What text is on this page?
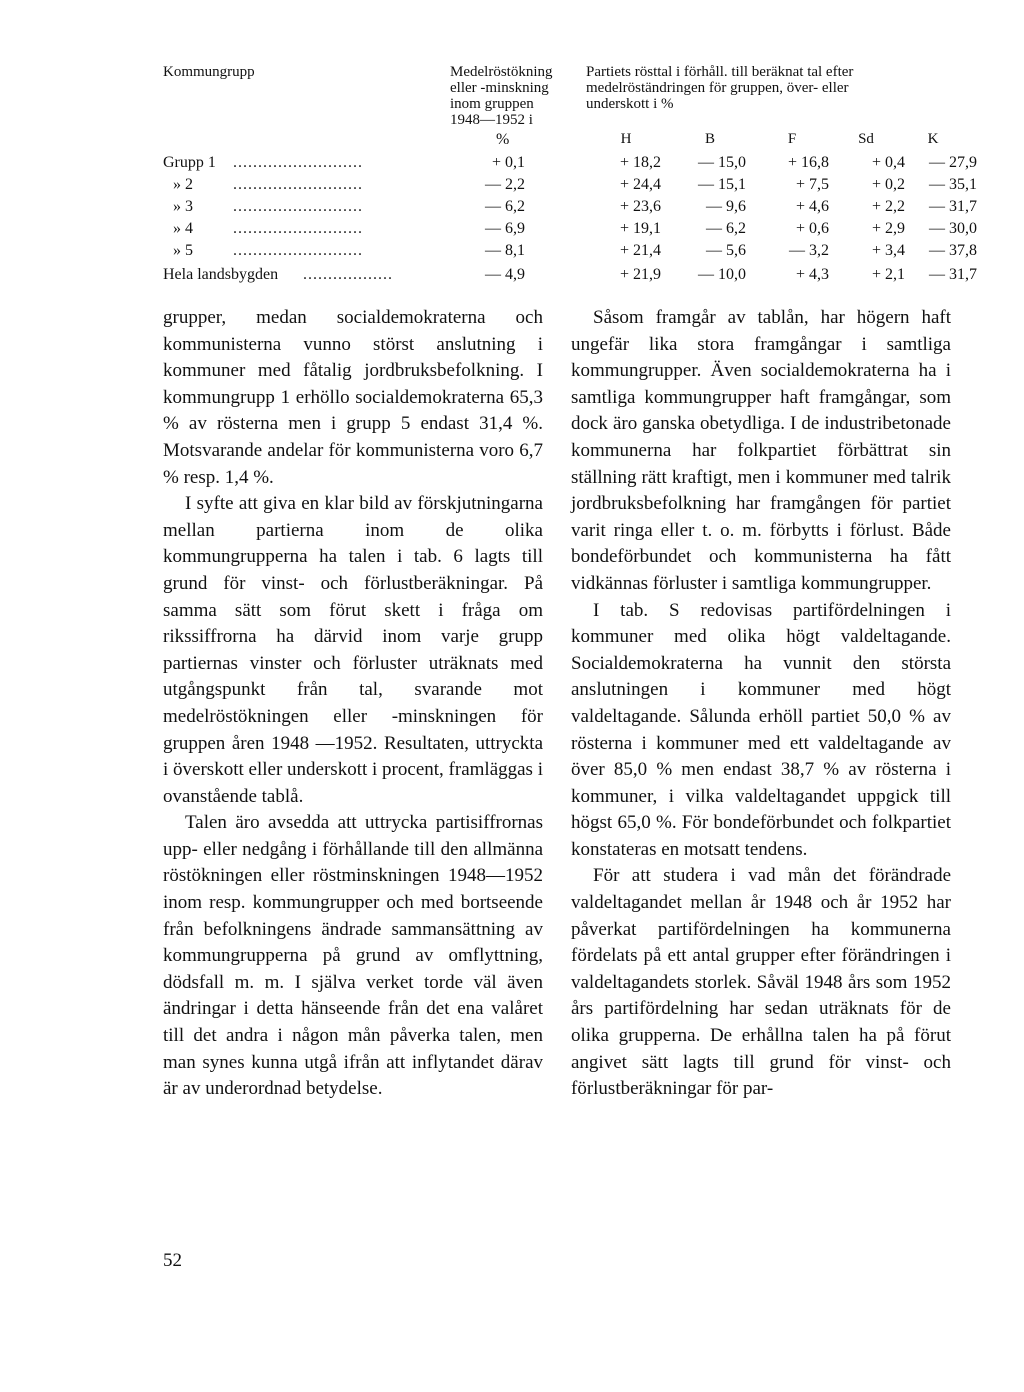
Kommungrupp	Medelröstökning
eller -minskning
inom gruppen
1948—1952 i
Partiets rösttal i förhåll. till beräknat tal efter
medelröständringen för gruppen, över- eller
underskott i %
%	H	B	F	Sd	K
Grupp 1 ..........................	+ 0,1	+ 18,2	— 15,0	+ 16,8	+ 0,4	— 27,9
» 2	..........................	— 2,2	+ 24,4	— 15,1	+ 7,5	+ 0,2	— 35,1
» 3	..........................	— 6,2	+ 23,6	— 9,6	+ 4,6	+ 2,2	— 31,7
» 4	..........................	— 6,9	+ 19,1	— 6,2	+ 0,6	+ 2,9	— 30,0
» 5	..........................	— 8,1	+ 21,4	— 5,6	— 3,2	+ 3,4	— 37,8
Hela landsbygden ..................	— 4,9	+ 21,9	— 10,0	+ 4,3	+ 2,1	— 31,7

grupper, medan socialdemokraterna och kommunisterna vunno störst anslutning i kommuner med fåtalig jordbruksbefolkning. I kommungrupp 1 erhöllo socialdemokraterna 65,3 % av rösterna men i grupp 5 endast 31,4 %. Motsvarande andelar för kommunisterna voro 6,7 % resp. 1,4 %.

I syfte att giva en klar bild av förskjutningarna mellan partierna inom de olika kommungrupperna ha talen i tab. 6 lagts till grund för vinst- och förlustberäkningar. På samma sätt som förut skett i fråga om rikssiffrorna ha därvid inom varje grupp partiernas vinster och förluster uträknats med utgångspunkt från tal, svarande mot medelröstökningen eller -minskningen för gruppen åren 1948 —1952. Resultaten, uttryckta i överskott eller underskott i procent, framläggas i ovanstående tablå.

Talen äro avsedda att uttrycka partisiffrornas upp- eller nedgång i förhållande till den allmänna röstökningen eller röstminskningen 1948—1952 inom resp. kommungrupper och med bortseende från befolkningens ändrade sammansättning av kommungrupperna på grund av omflyttning, dödsfall m. m. I själva verket torde väl även ändringar i detta hänseende från det ena valåret till det andra i någon mån påverka talen, men man synes kunna utgå ifrån att inflytandet därav är av underordnad betydelse.

Såsom framgår av tablån, har högern haft ungefär lika stora framgångar i samtliga kommungrupper. Även socialdemokraterna ha i samtliga kommungrupper haft framgångar, som dock äro ganska obetydliga. I de industribetonade kommunerna har folkpartiet förbättrat sin ställning rätt kraftigt, men i kommuner med talrik jordbruksbefolkning har framgången för partiet varit ringa eller t. o. m. förbytts i förlust. Både bondeförbundet och kommunisterna ha fått vidkännas förluster i samtliga kommungrupper.

I tab. S redovisas partifördelningen i kommuner med olika högt valdeltagande. Socialdemokraterna ha vunnit den största anslutningen i kommuner med högt valdeltagande. Sålunda erhöll partiet 50,0 % av rösterna i kommuner med ett valdeltagande av över 85,0 % men endast 38,7 % av rösterna i kommuner, i vilka valdeltagandet uppgick till högst 65,0 %. För bondeförbundet och folkpartiet konstateras en motsatt tendens.

För att studera i vad mån det förändrade valdeltagandet mellan år 1948 och år 1952 har påverkat partifördelningen ha kommunerna fördelats på ett antal grupper efter förändringen i valdeltagandets storlek. Såväl 1948 års som 1952 års partifördelning har sedan uträknats för de olika grupperna. De erhållna talen ha på förut angivet sätt lagts till grund för vinst- och förlustberäkningar för par-

52
